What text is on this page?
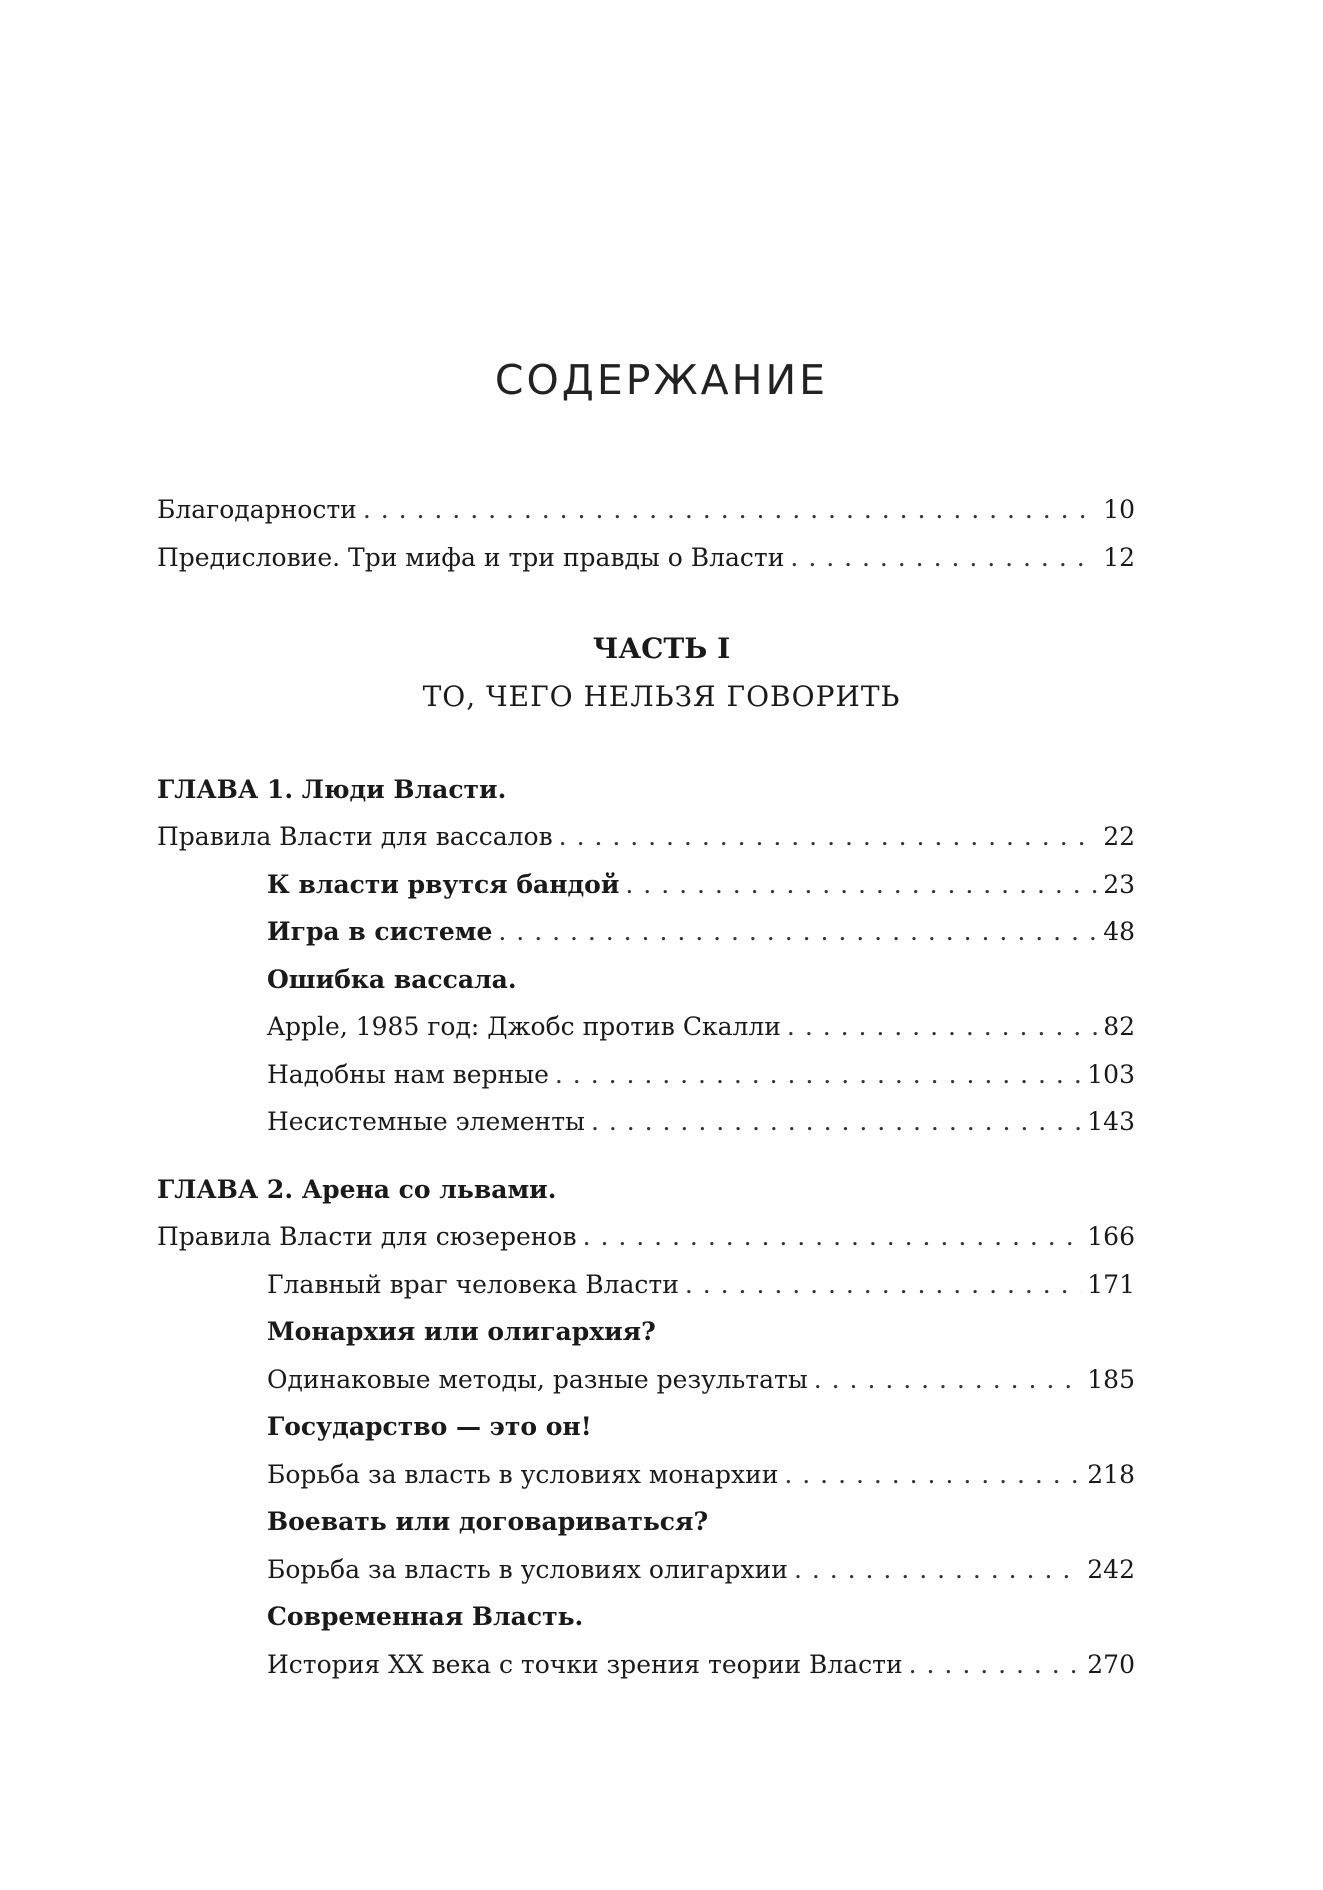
СОДЕРЖАНИЕ
Благодарности . . .	10
Предисловие. Три мифа и три правды о Власти . . .	12
ЧАСТЬ I
ТО, ЧЕГО НЕЛЬЗЯ ГОВОРИТЬ
ГЛАВА 1. Люди Власти.
Правила Власти для вассалов . . .	22
К власти рвутся бандой . . .	23
Игра в системе . . .	48
Ошибка вассала.
Apple, 1985 год: Джобс против Скалли . . .	82
Надобны нам верные . . .	103
Несистемные элементы . . .	143
ГЛАВА 2. Арена со львами.
Правила Власти для сюзеренов . . .	166
Главный враг человека Власти . . .	171
Монархия или олигархия?
Одинаковые методы, разные результаты . . .	185
Государство — это он!
Борьба за власть в условиях монархии . . .	218
Воевать или договариваться?
Борьба за власть в условиях олигархии . . .	242
Современная Власть.
История XX века с точки зрения теории Власти . . .	270
